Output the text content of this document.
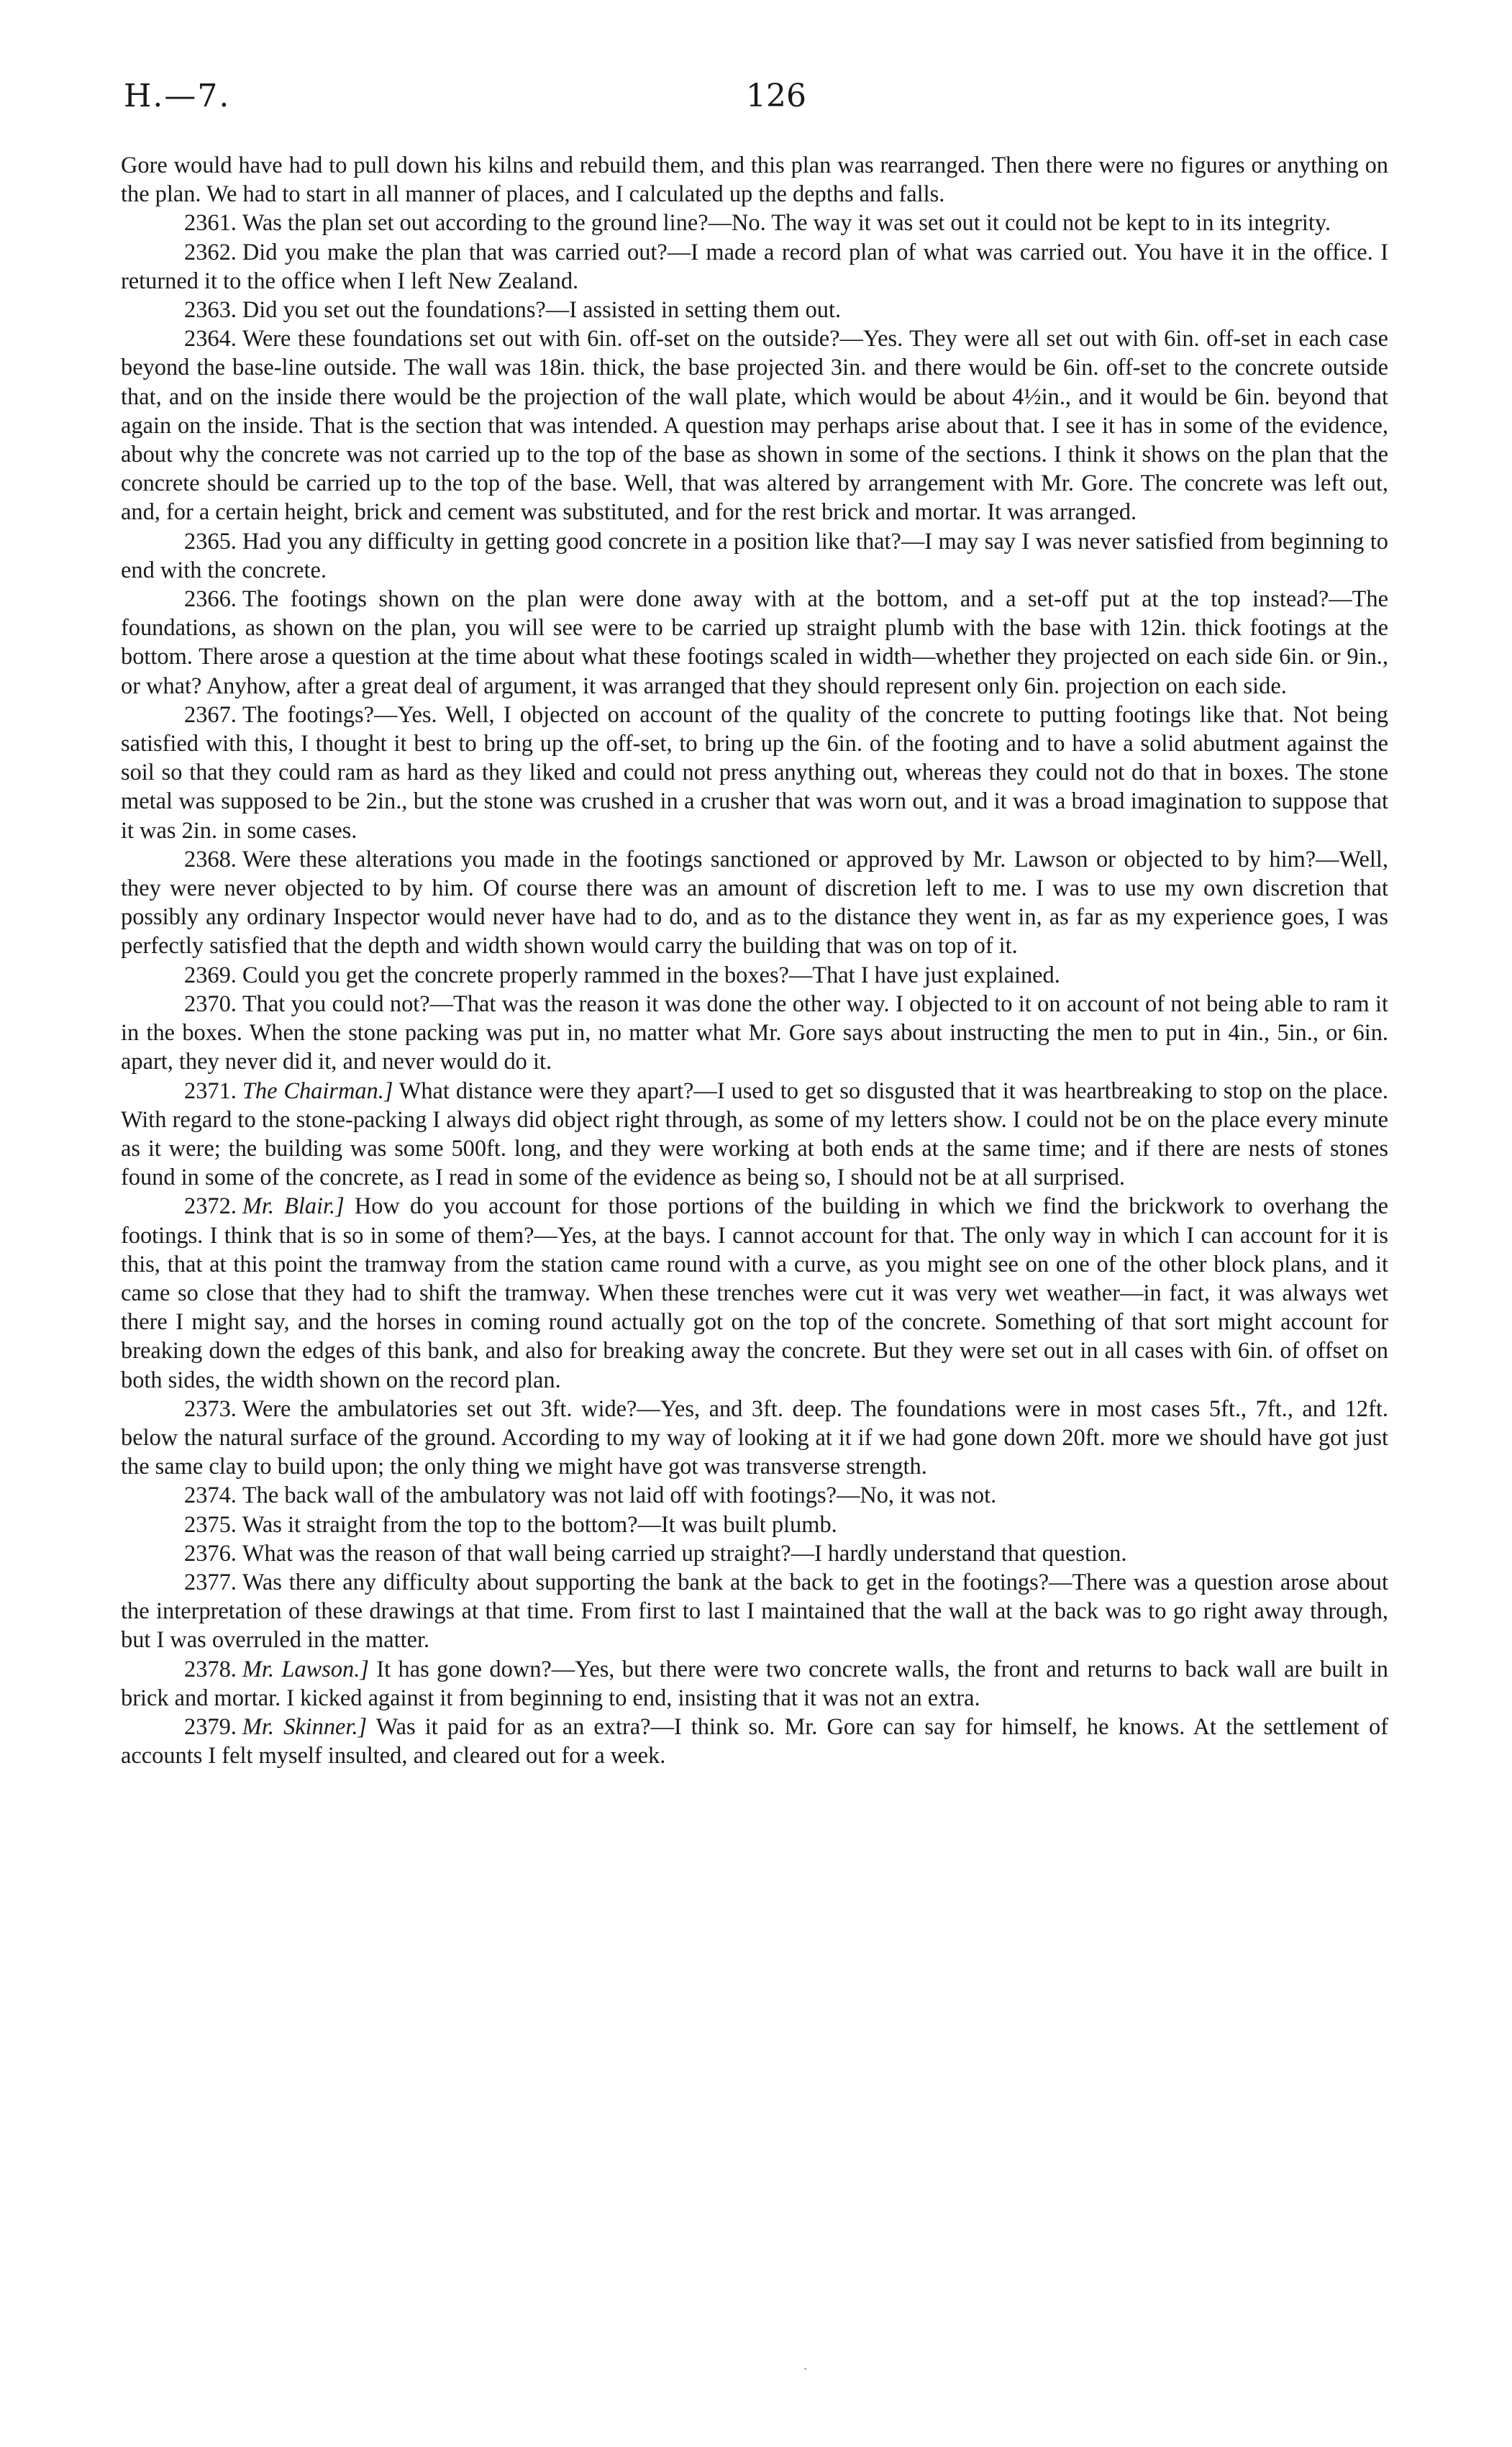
H.—7.	126

Gore would have had to pull down his kilns and rebuild them, and this plan was rearranged. Then there were no figures or anything on the plan. We had to start in all manner of places, and I calculated up the depths and falls.

2361. Was the plan set out according to the ground line?—No. The way it was set out it could not be kept to in its integrity.

2362. Did you make the plan that was carried out?—I made a record plan of what was carried out. You have it in the office. I returned it to the office when I left New Zealand.

2363. Did you set out the foundations?—I assisted in setting them out.

2364. Were these foundations set out with 6in. off-set on the outside?—Yes. They were all set out with 6in. off-set in each case beyond the base-line outside. The wall was 18in. thick, the base projected 3in. and there would be 6in. off-set to the concrete outside that, and on the inside there would be the projection of the wall plate, which would be about 4½in., and it would be 6in. beyond that again on the inside. That is the section that was intended. A question may perhaps arise about that. I see it has in some of the evidence, about why the concrete was not carried up to the top of the base as shown in some of the sections. I think it shows on the plan that the concrete should be carried up to the top of the base. Well, that was altered by arrangement with Mr. Gore. The concrete was left out, and, for a certain height, brick and cement was substituted, and for the rest brick and mortar. It was arranged.

2365. Had you any difficulty in getting good concrete in a position like that?—I may say I was never satisfied from beginning to end with the concrete.

2366. The footings shown on the plan were done away with at the bottom, and a set-off put at the top instead?—The foundations, as shown on the plan, you will see were to be carried up straight plumb with the base with 12in. thick footings at the bottom. There arose a question at the time about what these footings scaled in width—whether they projected on each side 6in. or 9in., or what? Anyhow, after a great deal of argument, it was arranged that they should represent only 6in. projection on each side.

2367. The footings?—Yes. Well, I objected on account of the quality of the concrete to putting footings like that. Not being satisfied with this, I thought it best to bring up the off-set, to bring up the 6in. of the footing and to have a solid abutment against the soil so that they could ram as hard as they liked and could not press anything out, whereas they could not do that in boxes. The stone metal was supposed to be 2in., but the stone was crushed in a crusher that was worn out, and it was a broad imagination to suppose that it was 2in. in some cases.

2368. Were these alterations you made in the footings sanctioned or approved by Mr. Lawson or objected to by him?—Well, they were never objected to by him. Of course there was an amount of discretion left to me. I was to use my own discretion that possibly any ordinary Inspector would never have had to do, and as to the distance they went in, as far as my experience goes, I was perfectly satisfied that the depth and width shown would carry the building that was on top of it.

2369. Could you get the concrete properly rammed in the boxes?—That I have just explained.

2370. That you could not?—That was the reason it was done the other way. I objected to it on account of not being able to ram it in the boxes. When the stone packing was put in, no matter what Mr. Gore says about instructing the men to put in 4in., 5in., or 6in. apart, they never did it, and never would do it.

2371. The Chairman.] What distance were they apart?—I used to get so disgusted that it was heartbreaking to stop on the place. With regard to the stone-packing I always did object right through, as some of my letters show. I could not be on the place every minute as it were; the building was some 500ft. long, and they were working at both ends at the same time; and if there are nests of stones found in some of the concrete, as I read in some of the evidence as being so, I should not be at all surprised.

2372. Mr. Blair.] How do you account for those portions of the building in which we find the brickwork to overhang the footings. I think that is so in some of them?—Yes, at the bays. I cannot account for that. The only way in which I can account for it is this, that at this point the tramway from the station came round with a curve, as you might see on one of the other block plans, and it came so close that they had to shift the tramway. When these trenches were cut it was very wet weather—in fact, it was always wet there I might say, and the horses in coming round actually got on the top of the concrete. Something of that sort might account for breaking down the edges of this bank, and also for breaking away the concrete. But they were set out in all cases with 6in. of offset on both sides, the width shown on the record plan.

2373. Were the ambulatories set out 3ft. wide?—Yes, and 3ft. deep. The foundations were in most cases 5ft., 7ft., and 12ft. below the natural surface of the ground. According to my way of looking at it if we had gone down 20ft. more we should have got just the same clay to build upon; the only thing we might have got was transverse strength.

2374. The back wall of the ambulatory was not laid off with footings?—No, it was not.

2375. Was it straight from the top to the bottom?—It was built plumb.

2376. What was the reason of that wall being carried up straight?—I hardly understand that question.

2377. Was there any difficulty about supporting the bank at the back to get in the footings?—There was a question arose about the interpretation of these drawings at that time. From first to last I maintained that the wall at the back was to go right away through, but I was overruled in the matter.

2378. Mr. Lawson.] It has gone down?—Yes, but there were two concrete walls, the front and returns to back wall are built in brick and mortar. I kicked against it from beginning to end, insisting that it was not an extra.

2379. Mr. Skinner.] Was it paid for as an extra?—I think so. Mr. Gore can say for himself, he knows. At the settlement of accounts I felt myself insulted, and cleared out for a week.
